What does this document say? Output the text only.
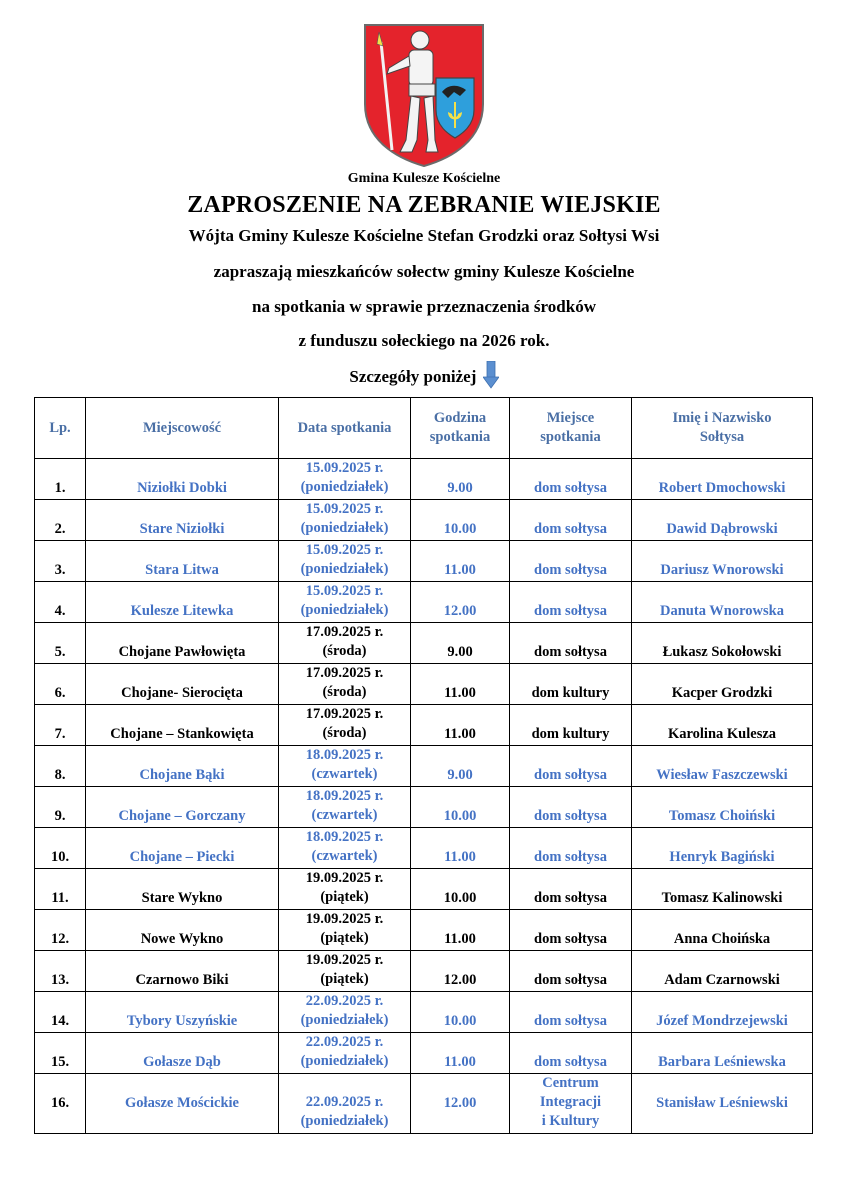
Gmina Kulesze Kościelne
ZAPROSZENIE NA ZEBRANIE WIEJSKIE
Wójta Gminy Kulesze Kościelne Stefan Grodzki oraz Sołtysi Wsi
zapraszają mieszkańców sołectw gminy Kulesze Kościelne
na spotkania w sprawie przeznaczenia środków
z funduszu sołeckiego na 2026 rok.
Szczegóły poniżej
Lp.	Miejscowość	Data spotkania	Godzina
spotkania	Miejsce
spotkania	Imię i Nazwisko
Sołtysa
1.	Niziołki Dobki	15.09.2025 r.
(poniedziałek)	9.00	dom sołtysa	Robert Dmochowski
2.	Stare Niziołki	15.09.2025 r.
(poniedziałek)	10.00	dom sołtysa	Dawid Dąbrowski
3.	Stara Litwa	15.09.2025 r.
(poniedziałek)	11.00	dom sołtysa	Dariusz Wnorowski
4.	Kulesze Litewka	15.09.2025 r.
(poniedziałek)	12.00	dom sołtysa	Danuta Wnorowska
5.	Chojane Pawłowięta	17.09.2025 r.
(środa)	9.00	dom sołtysa	Łukasz Sokołowski
6.	Chojane- Sierocięta	17.09.2025 r.
(środa)	11.00	dom kultury	Kacper Grodzki
7.	Chojane – Stankowięta	17.09.2025 r.
(środa)	11.00	dom kultury	Karolina Kulesza
8.	Chojane Bąki	18.09.2025 r.
(czwartek)	9.00	dom sołtysa	Wiesław Faszczewski
9.	Chojane – Gorczany	18.09.2025 r.
(czwartek)	10.00	dom sołtysa	Tomasz Choiński
10.	Chojane – Piecki	18.09.2025 r.
(czwartek)	11.00	dom sołtysa	Henryk Bagiński
11.	Stare Wykno	19.09.2025 r.
(piątek)	10.00	dom sołtysa	Tomasz Kalinowski
12.	Nowe Wykno	19.09.2025 r.
(piątek)	11.00	dom sołtysa	Anna Choińska
13.	Czarnowo Biki	19.09.2025 r.
(piątek)	12.00	dom sołtysa	Adam Czarnowski
14.	Tybory Uszyńskie	22.09.2025 r.
(poniedziałek)	10.00	dom sołtysa	Józef Mondrzejewski
15.	Gołasze Dąb	22.09.2025 r.
(poniedziałek)	11.00	dom sołtysa	Barbara Leśniewska
16.	Gołasze Mościckie	22.09.2025 r.
(poniedziałek)	12.00	Centrum
Integracji
i Kultury	Stanisław Leśniewski
